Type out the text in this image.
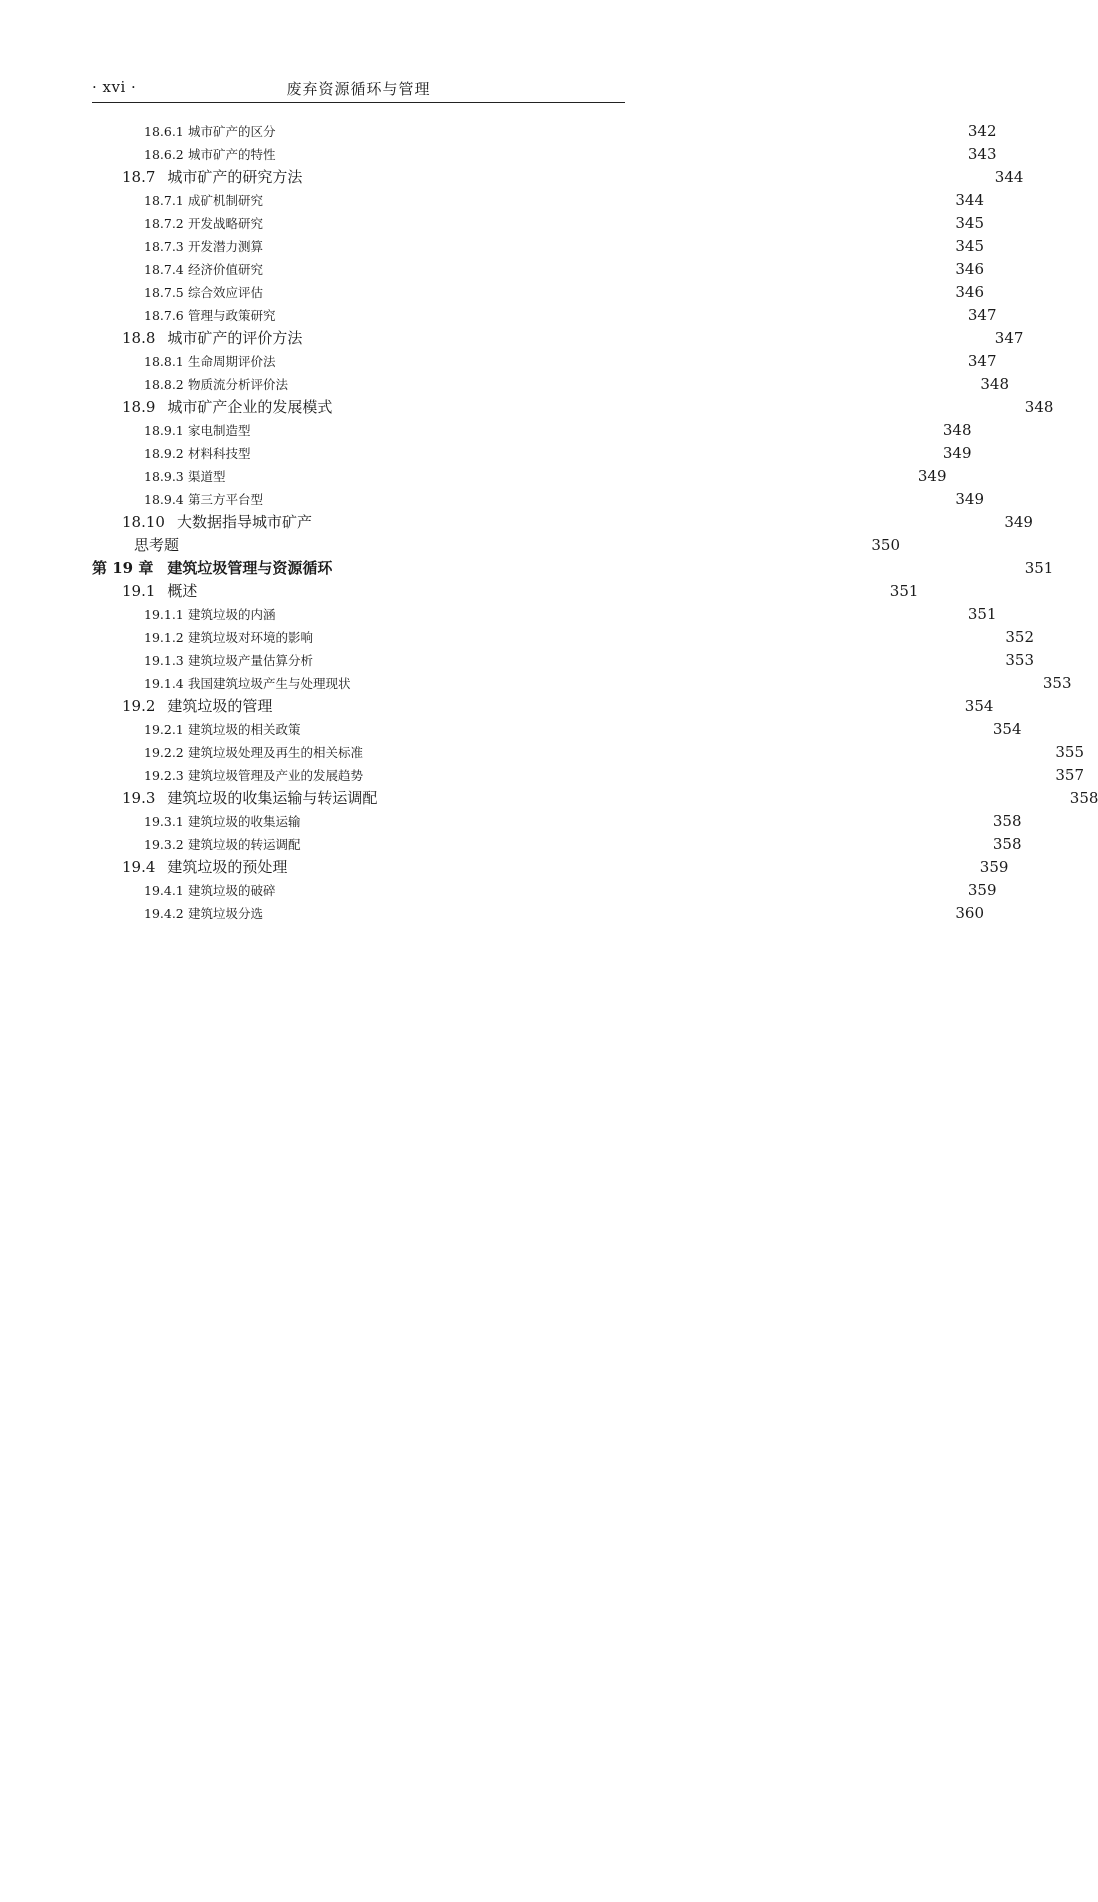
· xvi ·	废弃资源循环与管理
18.6.1 城市矿产的区分	342
18.6.2 城市矿产的特性	343
18.7 城市矿产的研究方法	344
18.7.1 成矿机制研究	344
18.7.2 开发战略研究	345
18.7.3 开发潜力测算	345
18.7.4 经济价值研究	346
18.7.5 综合效应评估	346
18.7.6 管理与政策研究	347
18.8 城市矿产的评价方法	347
18.8.1 生命周期评价法	347
18.8.2 物质流分析评价法	348
18.9 城市矿产企业的发展模式	348
18.9.1 家电制造型	348
18.9.2 材料科技型	349
18.9.3 渠道型	349
18.9.4 第三方平台型	349
18.10 大数据指导城市矿产	349
思考题	350
第 19 章 建筑垃圾管理与资源循环	351
19.1 概述	351
19.1.1 建筑垃圾的内涵	351
19.1.2 建筑垃圾对环境的影响	352
19.1.3 建筑垃圾产量估算分析	353
19.1.4 我国建筑垃圾产生与处理现状	353
19.2 建筑垃圾的管理	354
19.2.1 建筑垃圾的相关政策	354
19.2.2 建筑垃圾处理及再生的相关标准	355
19.2.3 建筑垃圾管理及产业的发展趋势	357
19.3 建筑垃圾的收集运输与转运调配	358
19.3.1 建筑垃圾的收集运输	358
19.3.2 建筑垃圾的转运调配	358
19.4 建筑垃圾的预处理	359
19.4.1 建筑垃圾的破碎	359
19.4.2 建筑垃圾分选	360
